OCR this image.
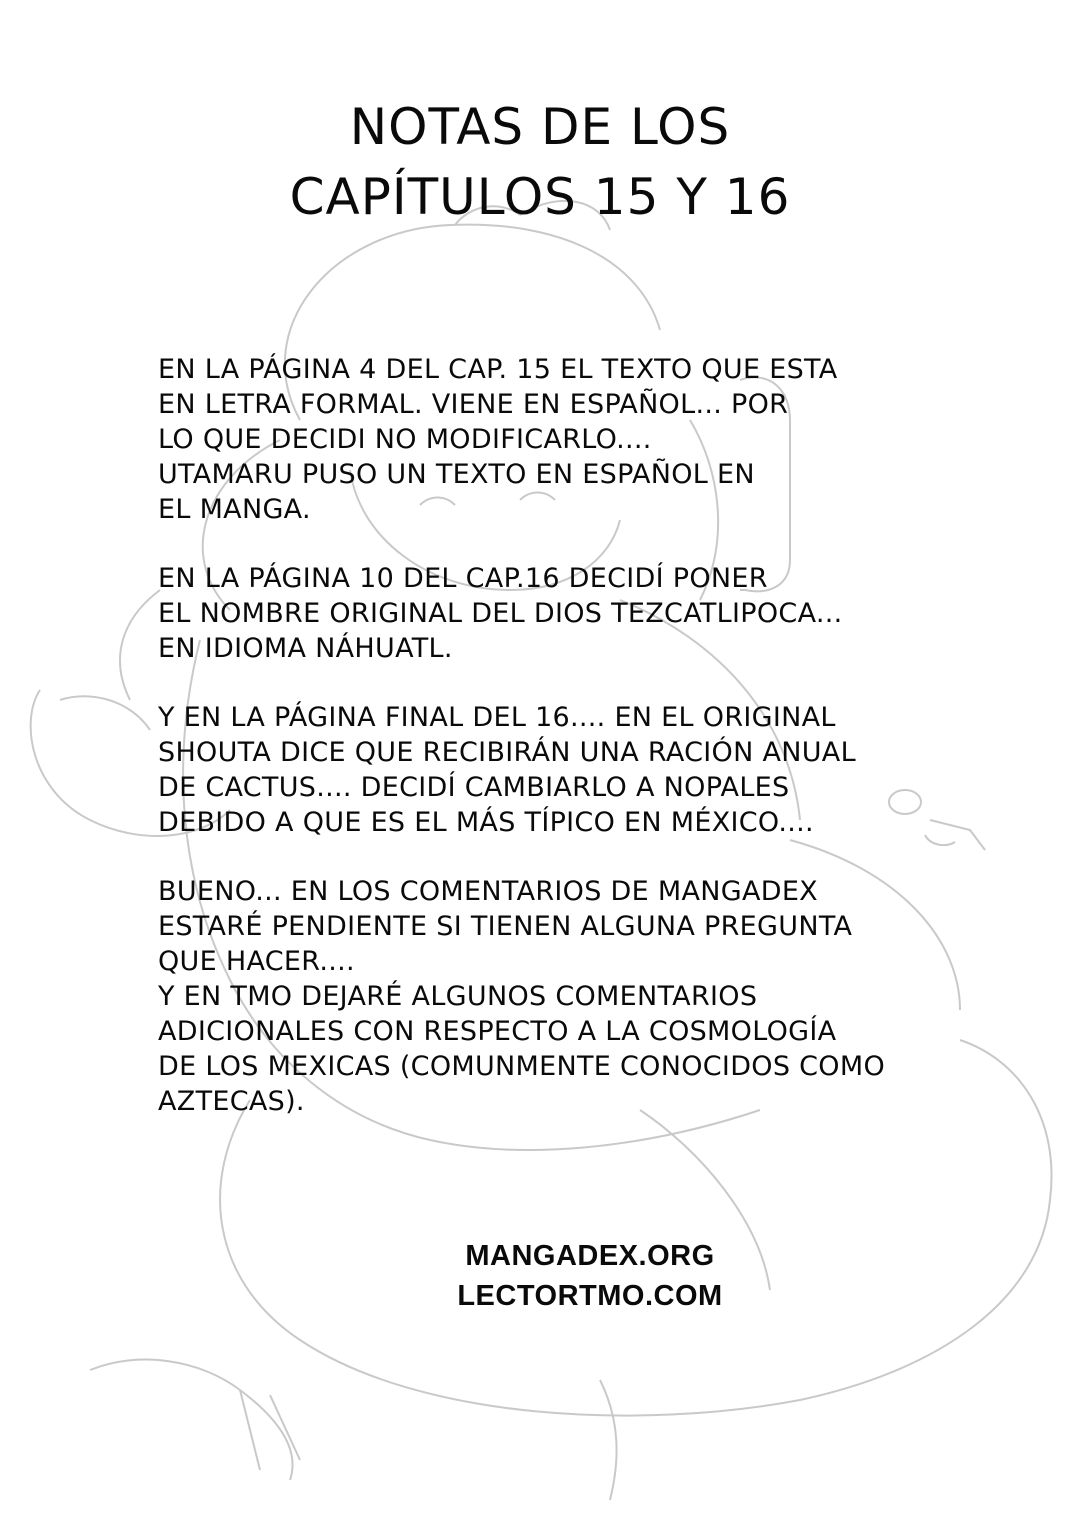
NOTAS DE LOS
CAPÍTULOS 15 Y 16
EN LA PÁGINA 4 DEL CAP. 15 EL TEXTO QUE ESTA
EN LETRA FORMAL. VIENE EN ESPAÑOL... POR
LO QUE DECIDI NO MODIFICARLO....
UTAMARU PUSO UN TEXTO EN ESPAÑOL EN
EL MANGA.
EN LA PÁGINA 10 DEL CAP.16 DECIDÍ PONER
EL NOMBRE ORIGINAL DEL DIOS TEZCATLIPOCA...
EN IDIOMA NÁHUATL.
Y EN LA PÁGINA FINAL DEL 16.... EN EL ORIGINAL
SHOUTA DICE QUE RECIBIRÁN UNA RACIÓN ANUAL
DE CACTUS.... DECIDÍ CAMBIARLO A NOPALES
DEBIDO A QUE ES EL MÁS TÍPICO EN MÉXICO....
BUENO... EN LOS COMENTARIOS DE MANGADEX
ESTARÉ PENDIENTE SI TIENEN ALGUNA PREGUNTA
QUE HACER....
Y EN TMO DEJARÉ ALGUNOS COMENTARIOS
ADICIONALES CON RESPECTO A LA COSMOLOGÍA
DE LOS MEXICAS (COMUNMENTE CONOCIDOS COMO
AZTECAS).
MANGADEX.ORG
LECTORTMO.COM
